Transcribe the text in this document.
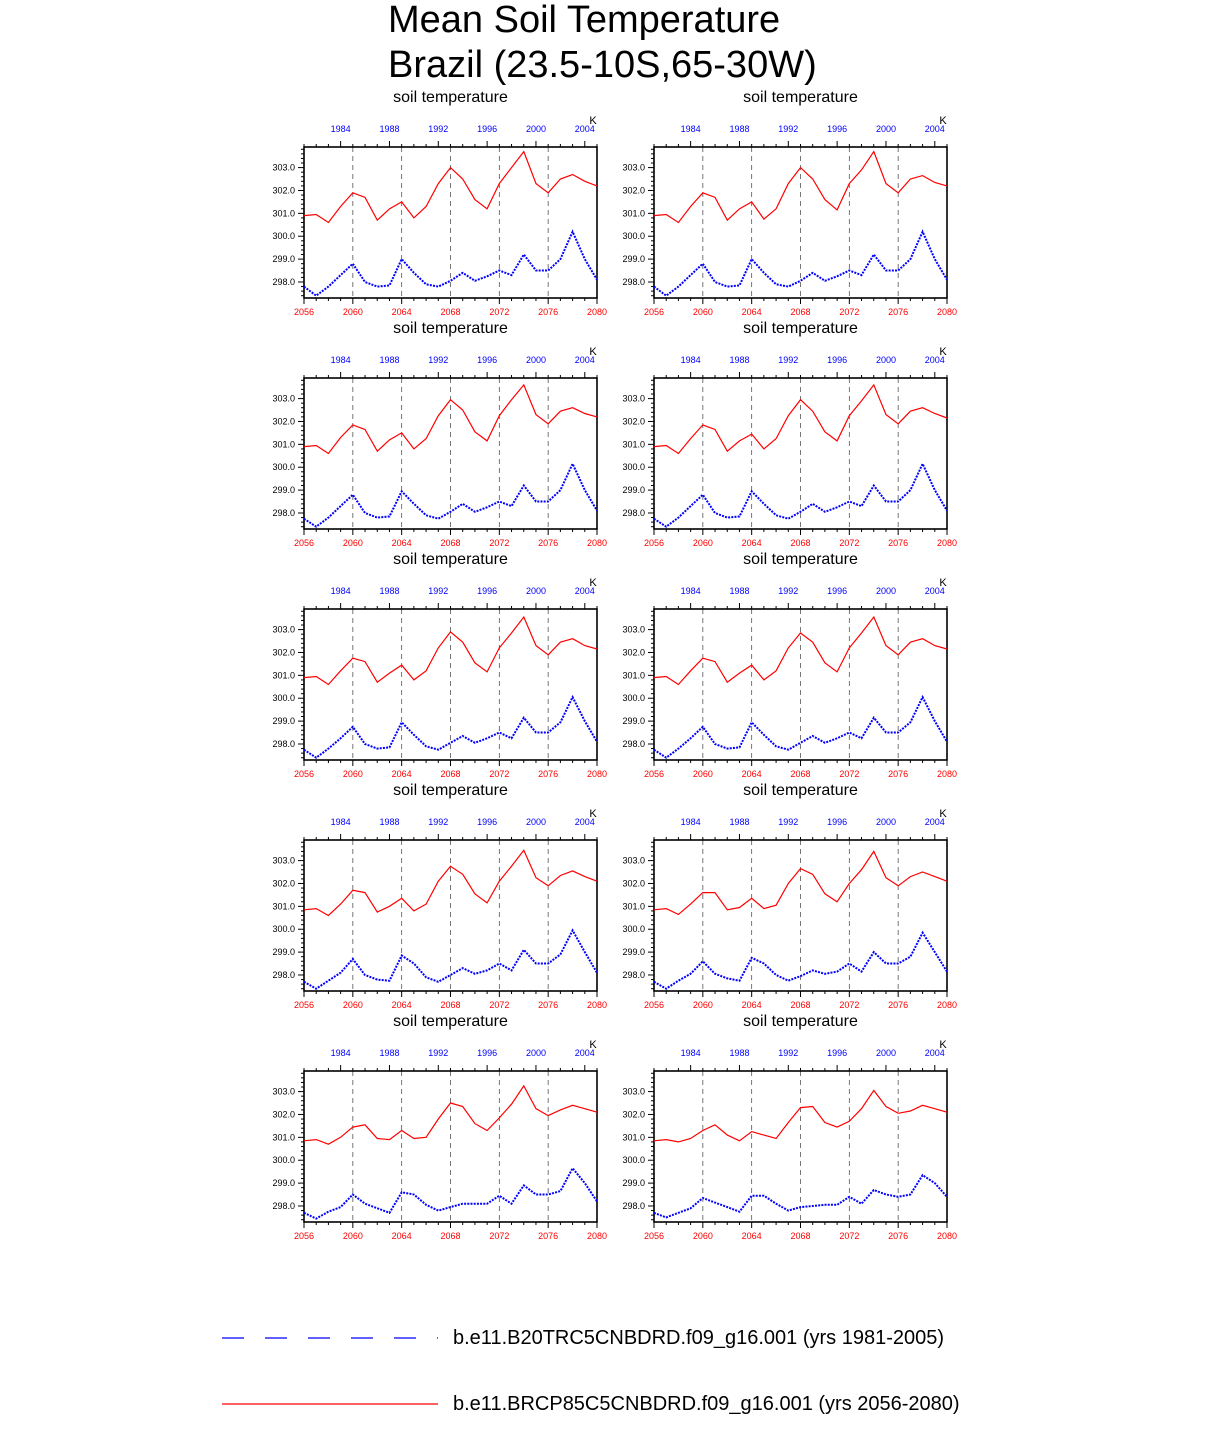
Mean Soil Temperature
Brazil (23.5-10S,65-30W)
soil temperature
K
2056	2060	2064	2068	2072	2076	2080
1984	1988	1992	1996	2000	2004
298.0
299.0
300.0
301.0
302.0
303.0
soil temperature
K
2056	2060	2064	2068	2072	2076	2080
1984	1988	1992	1996	2000	2004
298.0
299.0
300.0
301.0
302.0
303.0
soil temperature
K
2056	2060	2064	2068	2072	2076	2080
1984	1988	1992	1996	2000	2004
298.0
299.0
300.0
301.0
302.0
303.0
soil temperature
K
2056	2060	2064	2068	2072	2076	2080
1984	1988	1992	1996	2000	2004
298.0
299.0
300.0
301.0
302.0
303.0
soil temperature
K
2056	2060	2064	2068	2072	2076	2080
1984	1988	1992	1996	2000	2004
298.0
299.0
300.0
301.0
302.0
303.0
soil temperature
K
2056	2060	2064	2068	2072	2076	2080
1984	1988	1992	1996	2000	2004
298.0
299.0
300.0
301.0
302.0
303.0
soil temperature
K
2056	2060	2064	2068	2072	2076	2080
1984	1988	1992	1996	2000	2004
298.0
299.0
300.0
301.0
302.0
303.0
soil temperature
K
2056	2060	2064	2068	2072	2076	2080
1984	1988	1992	1996	2000	2004
298.0
299.0
300.0
301.0
302.0
303.0
soil temperature
K
2056	2060	2064	2068	2072	2076	2080
1984	1988	1992	1996	2000	2004
298.0
299.0
300.0
301.0
302.0
303.0
soil temperature
K
2056	2060	2064	2068	2072	2076	2080
1984	1988	1992	1996	2000	2004
298.0
299.0
300.0
301.0
302.0
303.0
b.e11.B20TRC5CNBDRD.f09_g16.001 (yrs 1981-2005)
b.e11.BRCP85C5CNBDRD.f09_g16.001 (yrs 2056-2080)
